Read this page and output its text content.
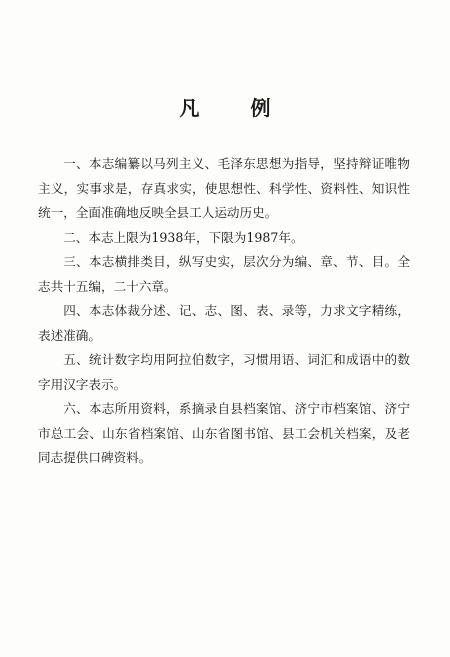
凡 例

一、本志编纂以马列主义、毛泽东思想为指导，坚持辩证唯物主义，实事求是，存真求实，使思想性、科学性、资料性、知识性统一，全面准确地反映全县工人运动历史。

二、本志上限为1938年，下限为1987年。

三、本志横排类目，纵写史实，层次分为编、章、节、目。全志共十五编，二十六章。

四、本志体裁分述、记、志、图、表、录等，力求文字精练，表述准确。

五、统计数字均用阿拉伯数字，习惯用语、词汇和成语中的数字用汉字表示。

六、本志所用资料，系摘录自县档案馆、济宁市档案馆、济宁市总工会、山东省档案馆、山东省图书馆、县工会机关档案，及老同志提供口碑资料。
